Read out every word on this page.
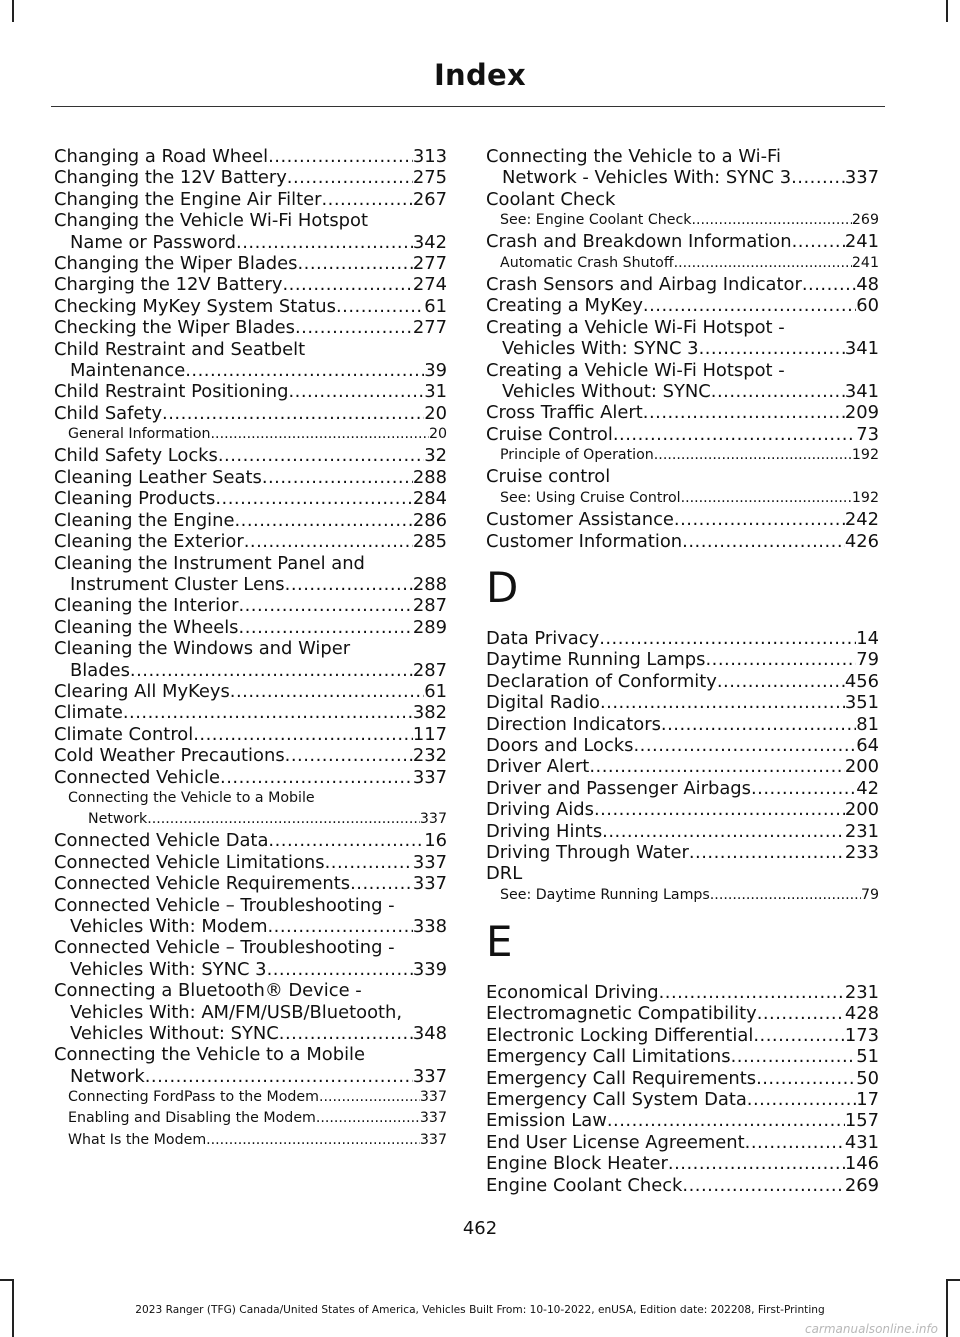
Index
Changing a Road Wheel .....	313
Changing the 12V Battery .....	275
Changing the Engine Air Filter .....	267
Changing the Vehicle Wi-Fi Hotspot
Name or Password .....	342
Changing the Wiper Blades .....	277
Charging the 12V Battery .....	274
Checking MyKey System Status .....	61
Checking the Wiper Blades .....	277
Child Restraint and Seatbelt
Maintenance .....	39
Child Restraint Positioning .....	31
Child Safety .....	20
General Information .....	20
Child Safety Locks .....	32
Cleaning Leather Seats .....	288
Cleaning Products .....	284
Cleaning the Engine .....	286
Cleaning the Exterior .....	285
Cleaning the Instrument Panel and
Instrument Cluster Lens .....	288
Cleaning the Interior .....	287
Cleaning the Wheels .....	289
Cleaning the Windows and Wiper
Blades .....	287
Clearing All MyKeys .....	61
Climate .....	382
Climate Control .....	117
Cold Weather Precautions .....	232
Connected Vehicle .....	337
Connecting the Vehicle to a Mobile
Network .....	337
Connected Vehicle Data .....	16
Connected Vehicle Limitations .....	337
Connected Vehicle Requirements .....	337
Connected Vehicle – Troubleshooting -
Vehicles With: Modem .....	338
Connected Vehicle – Troubleshooting -
Vehicles With: SYNC 3 .....	339
Connecting a Bluetooth® Device -
Vehicles With: AM/FM/USB/Bluetooth,
Vehicles Without: SYNC .....	348
Connecting the Vehicle to a Mobile
Network .....	337
Connecting FordPass to the Modem .....	337
Enabling and Disabling the Modem .....	337
What Is the Modem .....	337
Connecting the Vehicle to a Wi-Fi
Network - Vehicles With: SYNC 3 .....	337
Coolant Check
See: Engine Coolant Check .....	269
Crash and Breakdown Information .....	241
Automatic Crash Shutoff .....	241
Crash Sensors and Airbag Indicator .....	48
Creating a MyKey .....	60
Creating a Vehicle Wi-Fi Hotspot -
Vehicles With: SYNC 3 .....	341
Creating a Vehicle Wi-Fi Hotspot -
Vehicles Without: SYNC .....	341
Cross Traffic Alert .....	209
Cruise Control .....	73
Principle of Operation .....	192
Cruise control
See: Using Cruise Control .....	192
Customer Assistance .....	242
Customer Information .....	426
D
Data Privacy .....	14
Daytime Running Lamps .....	79
Declaration of Conformity .....	456
Digital Radio .....	351
Direction Indicators .....	81
Doors and Locks .....	64
Driver Alert .....	200
Driver and Passenger Airbags .....	42
Driving Aids .....	200
Driving Hints .....	231
Driving Through Water .....	233
DRL
See: Daytime Running Lamps .....	79
E
Economical Driving .....	231
Electromagnetic Compatibility .....	428
Electronic Locking Differential .....	173
Emergency Call Limitations .....	51
Emergency Call Requirements .....	50
Emergency Call System Data .....	17
Emission Law .....	157
End User License Agreement .....	431
Engine Block Heater .....	146
Engine Coolant Check .....	269
462
2023 Ranger (TFG) Canada/United States of America, Vehicles Built From: 10-10-2022, enUSA, Edition date: 202208, First-Printing
carmanualsonline.info
